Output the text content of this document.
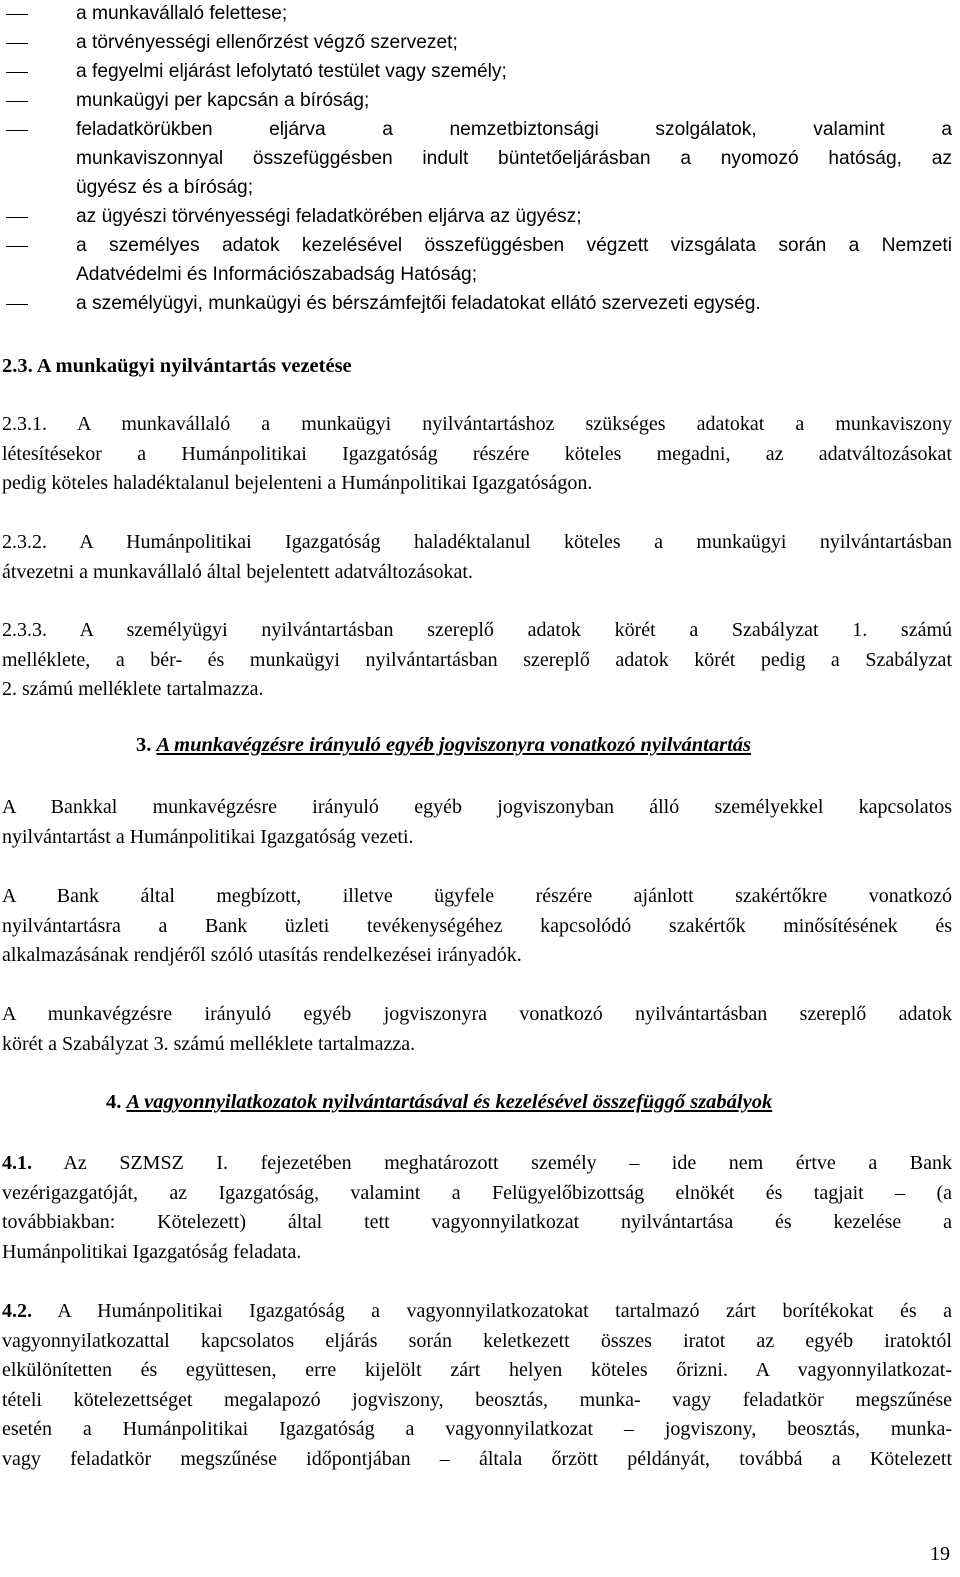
a munkavállaló felettese;
a törvényességi ellenőrzést végző szervezet;
a fegyelmi eljárást lefolytató testület vagy személy;
munkaügyi per kapcsán a bíróság;
feladatkörükben eljárva a nemzetbiztonsági szolgálatok, valamint a
munkaviszonnyal összefüggésben indult büntetőeljárásban a nyomozó hatóság, az
ügyész és a bíróság;
az ügyészi törvényességi feladatkörében eljárva az ügyész;
a személyes adatok kezelésével összefüggésben végzett vizsgálata során a Nemzeti
Adatvédelmi és Információszabadság Hatóság;
a személyügyi, munkaügyi és bérszámfejtői feladatokat ellátó szervezeti egység.
2.3. A munkaügyi nyilvántartás vezetése
2.3.1. A munkavállaló a munkaügyi nyilvántartáshoz szükséges adatokat a munkaviszony
létesítésekor a Humánpolitikai Igazgatóság részére köteles megadni, az adatváltozásokat
pedig köteles haladéktalanul bejelenteni a Humánpolitikai Igazgatóságon.
2.3.2. A Humánpolitikai Igazgatóság haladéktalanul köteles a munkaügyi nyilvántartásban
átvezetni a munkavállaló által bejelentett adatváltozásokat.
2.3.3. A személyügyi nyilvántartásban szereplő adatok körét a Szabályzat 1. számú
melléklete, a bér- és munkaügyi nyilvántartásban szereplő adatok körét pedig a Szabályzat
2. számú melléklete tartalmazza.
3. A munkavégzésre irányuló egyéb jogviszonyra vonatkozó nyilvántartás
A Bankkal munkavégzésre irányuló egyéb jogviszonyban álló személyekkel kapcsolatos
nyilvántartást a Humánpolitikai Igazgatóság vezeti.
A Bank által megbízott, illetve ügyfele részére ajánlott szakértőkre vonatkozó
nyilvántartásra a Bank üzleti tevékenységéhez kapcsolódó szakértők minősítésének és
alkalmazásának rendjéről szóló utasítás rendelkezései irányadók.
A munkavégzésre irányuló egyéb jogviszonyra vonatkozó nyilvántartásban szereplő adatok
körét a Szabályzat 3. számú melléklete tartalmazza.
4. A vagyonnyilatkozatok nyilvántartásával és kezelésével összefüggő szabályok
4.1. Az SZMSZ I. fejezetében meghatározott személy – ide nem értve a Bank
vezérigazgatóját, az Igazgatóság, valamint a Felügyelőbizottság elnökét és tagjait – (a
továbbiakban: Kötelezett) által tett vagyonnyilatkozat nyilvántartása és kezelése a
Humánpolitikai Igazgatóság feladata.
4.2. A Humánpolitikai Igazgatóság a vagyonnyilatkozatokat tartalmazó zárt borítékokat és a
vagyonnyilatkozattal kapcsolatos eljárás során keletkezett összes iratot az egyéb iratoktól
elkülönítetten és együttesen, erre kijelölt zárt helyen köteles őrizni. A vagyonnyilatkozat-
tételi kötelezettséget megalapozó jogviszony, beosztás, munka- vagy feladatkör megszűnése
esetén a Humánpolitikai Igazgatóság a vagyonnyilatkozat – jogviszony, beosztás, munka-
vagy feladatkör megszűnése időpontjában – általa őrzött példányát, továbbá a Kötelezett
19
